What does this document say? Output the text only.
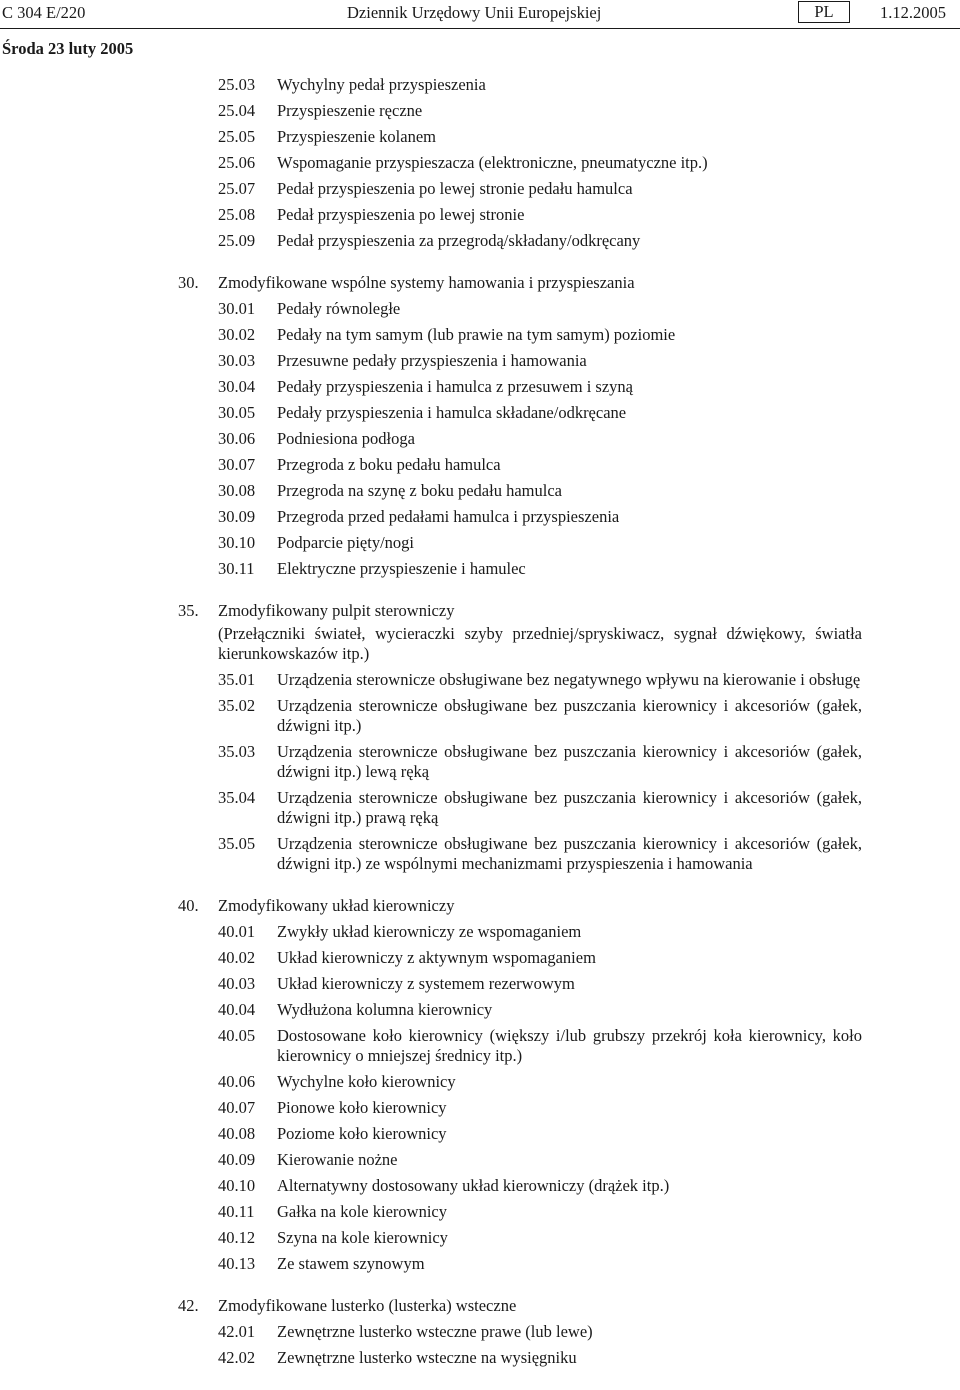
C 304 E/220	Dziennik Urzędowy Unii Europejskiej	PL	1.12.2005
Środa 23 luty 2005
25.03 Wychylny pedał przyspieszenia
25.04 Przyspieszenie ręczne
25.05 Przyspieszenie kolanem
25.06 Wspomaganie przyspieszacza (elektroniczne, pneumatyczne itp.)
25.07 Pedał przyspieszenia po lewej stronie pedału hamulca
25.08 Pedał przyspieszenia po lewej stronie
25.09 Pedał przyspieszenia za przegrodą/składany/odkręcany
30. Zmodyfikowane wspólne systemy hamowania i przyspieszania
30.01 Pedały równoległe
30.02 Pedały na tym samym (lub prawie na tym samym) poziomie
30.03 Przesuwne pedały przyspieszenia i hamowania
30.04 Pedały przyspieszenia i hamulca z przesuwem i szyną
30.05 Pedały przyspieszenia i hamulca składane/odkręcane
30.06 Podniesiona podłoga
30.07 Przegroda z boku pedału hamulca
30.08 Przegroda na szynę z boku pedału hamulca
30.09 Przegroda przed pedałami hamulca i przyspieszenia
30.10 Podparcie pięty/nogi
30.11 Elektryczne przyspieszenie i hamulec
35. Zmodyfikowany pulpit sterowniczy
(Przełączniki świateł, wycieraczki szyby przedniej/spryskiwacz, sygnał dźwiękowy, światła kierunkowskazów itp.)
35.01 Urządzenia sterownicze obsługiwane bez negatywnego wpływu na kierowanie i obsługę
35.02 Urządzenia sterownicze obsługiwane bez puszczania kierownicy i akcesoriów (gałek, dźwigni itp.)
35.03 Urządzenia sterownicze obsługiwane bez puszczania kierownicy i akcesoriów (gałek, dźwigni itp.) lewą ręką
35.04 Urządzenia sterownicze obsługiwane bez puszczania kierownicy i akcesoriów (gałek, dźwigni itp.) prawą ręką
35.05 Urządzenia sterownicze obsługiwane bez puszczania kierownicy i akcesoriów (gałek, dźwigni itp.) ze wspólnymi mechanizmami przyspieszenia i hamowania
40. Zmodyfikowany układ kierowniczy
40.01 Zwykły układ kierowniczy ze wspomaganiem
40.02 Układ kierowniczy z aktywnym wspomaganiem
40.03 Układ kierowniczy z systemem rezerwowym
40.04 Wydłużona kolumna kierownicy
40.05 Dostosowane koło kierownicy (większy i/lub grubszy przekrój koła kierownicy, koło kierownicy o mniejszej średnicy itp.)
40.06 Wychylne koło kierownicy
40.07 Pionowe koło kierownicy
40.08 Poziome koło kierownicy
40.09 Kierowanie nożne
40.10 Alternatywny dostosowany układ kierowniczy (drążek itp.)
40.11 Gałka na kole kierownicy
40.12 Szyna na kole kierownicy
40.13 Ze stawem szynowym
42. Zmodyfikowane lusterko (lusterka) wsteczne
42.01 Zewnętrzne lusterko wsteczne prawe (lub lewe)
42.02 Zewnętrzne lusterko wsteczne na wysięgniku
